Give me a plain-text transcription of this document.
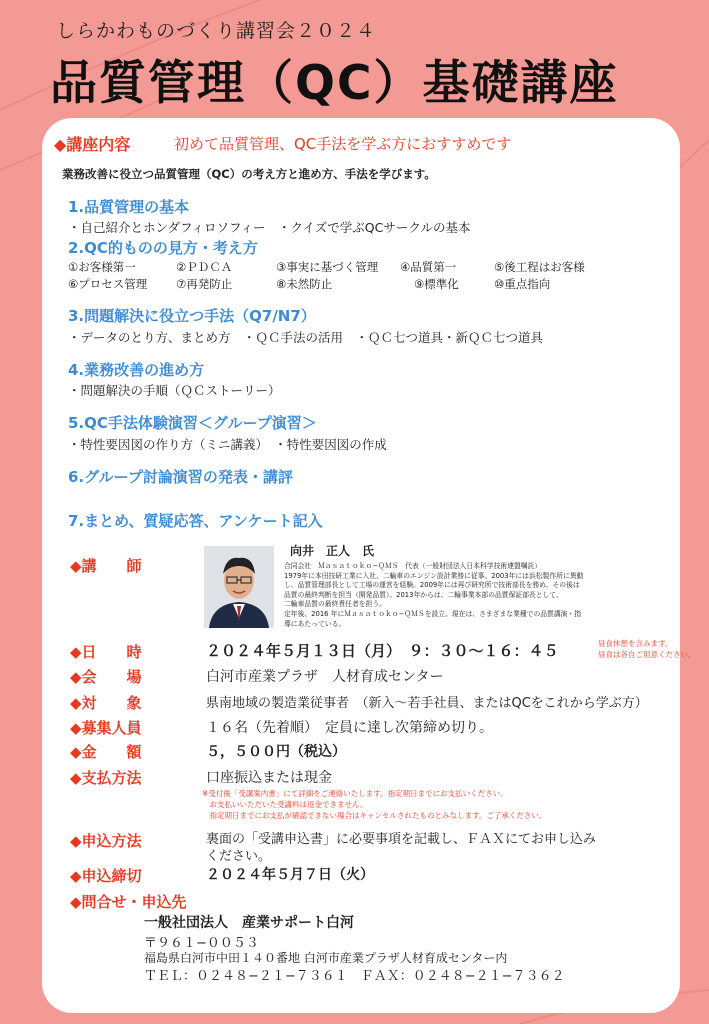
しらかわものづくり講習会２０２４
品質管理（QC）基礎講座
◆講座内容	初めて品質管理、QC手法を学ぶ方におすすめです
業務改善に役立つ品質管理（QC）の考え方と進め方、手法を学びます。
1.品質管理の基本
・自己紹介とホンダフィロソフィー　・クイズで学ぶQCサークルの基本
2.QC的ものの見方・考え方
①お客様第一	②ＰＤＣＡ	③事実に基づく管理 ④品質第一	⑤後工程はお客様
⑥プロセス管理 ⑦再発防止	⑧未然防止	⑨標準化	⑩重点指向
3.問題解決に役立つ手法（Q7/N7）
・データのとり方、まとめ方　・ＱＣ手法の活用　・ＱＣ七つ道具・新ＱＣ七つ道具
4.業務改善の進め方
・問題解決の手順（ＱＣストーリー）
5.QC手法体験演習＜グループ演習＞
・特性要因図の作り方（ミニ講義）　・特性要因図の作成
6.グループ討論演習の発表・講評
7.まとめ、質疑応答、アンケート記入
◆講　　師
向井　正人　氏
合同会社　Ｍａｓａｔｏｋｏ−ＱＭＳ　代表（一般財団法人日本科学技術連盟嘱託）
1979年に本田技研工業に入社、二輪車のエンジン設計業務に従事。2003年には浜松製作所に異動
し、品質管理部長として工場の運営を経験。2009年には再び研究所で技術部長を務め、その後は
品質の最終判断を担当（開発品質）。2013年からは、二輪事業本部の品質保証部長として、
二輪車品質の最終責任者を担う。
定年後、2016 年にＭａｓａｔｏｋｏ−ＱＭＳを設立。現在は、さまざまな業種での品質講演・指
導にあたっている。
◆日　　時	２０２４年５月１３日（月）　９：３０〜１６：４５	昼食休憩を含みます。
昼食は各自ご用意ください。
◆会　　場	白河市産業プラザ　人材育成センター
◆対　　象	県南地域の製造業従事者　（新入〜若手社員、またはQCをこれから学ぶ方）
◆募集人員	１６名（先着順）　定員に達し次第締め切り。
◆金　　額	５，５００円（税込）
◆支払方法	口座振込または現金
※受付後「受講案内書」にて詳細をご連絡いたします。指定期日までにお支払いください。
　お支払いいただいた受講料は返金できません。
　指定期日までにお支払が確認できない場合はキャンセルされたものとみなします。ご了承ください。
◆申込方法	裏面の「受講申込書」に必要事項を記載し、ＦＡＸにてお申し込み
ください。
◆申込締切	２０２４年５月７日（火）
◆問合せ・申込先
一般社団法人　産業サポート白河
〒９６１−００５３
福島県白河市中田１４０番地 白河市産業プラザ人材育成センター内
ＴＥＬ：０２４８−２１−７３６１　ＦＡＸ：０２４８−２１−７３６２
